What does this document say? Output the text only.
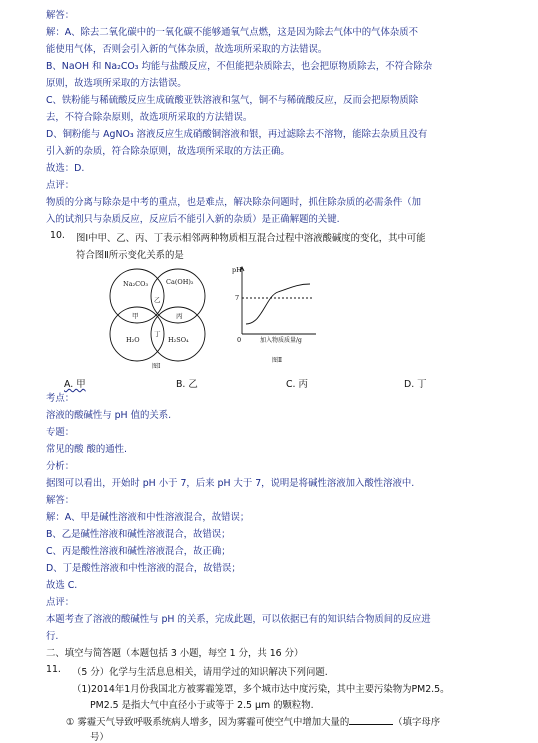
解答：
解：A、除去二氧化碳中的一氧化碳不能够通氧气点燃，这是因为除去气体中的气体杂质不
能使用气体，否则会引入新的气体杂质，故选项所采取的方法错误。
B、NaOH 和 Na₂CO₃ 均能与盐酸反应，不但能把杂质除去，也会把原物质除去，不符合除杂
原则，故选项所采取的方法错误。
C、铁粉能与稀硫酸反应生成硫酸亚铁溶液和氢气，铜不与稀硫酸反应，反而会把原物质除
去，不符合除杂原则，故选项所采取的方法错误。
D、铜粉能与 AgNO₃ 溶液反应生成硝酸铜溶液和银，再过滤除去不溶物，能除去杂质且没有
引入新的杂质，符合除杂原则，故选项所采取的方法正确。
故选：D.
点评：
物质的分离与除杂是中考的重点，也是难点，解决除杂问题时，抓住除杂质的必需条件（加
入的试剂只与杂质反应，反应后不能引入新的杂质）是正确解题的关键.
10. 图Ⅰ中甲、乙、丙、丁表示相邻两种物质相互混合过程中溶液酸碱度的变化，其中可能
符合图Ⅱ所示变化关系的是
Na₂CO₃	Ca(OH)₂
H₂O	H₂SO₄
甲
乙
丙
丁
图Ⅰ
pH
7
0	加入物质质量/g
图Ⅱ
A. 甲	B. 乙	C. 丙	D. 丁
考点：
溶液的酸碱性与 pH 值的关系.
专题：
常见的酸 酸的通性.
分析：
据图可以看出，开始时 pH 小于 7，后来 pH 大于 7，说明是将碱性溶液加入酸性溶液中.
解答：
解：A、甲是碱性溶液和中性溶液混合，故错误；
B、乙是碱性溶液和碱性溶液混合，故错误；
C、丙是酸性溶液和碱性溶液混合，故正确；
D、丁是酸性溶液和中性溶液的混合，故错误；
故选 C.
点评：
本题考查了溶液的酸碱性与 pH 的关系，完成此题，可以依据已有的知识结合物质间的反应进
行.
二、填空与简答题（本题包括 3 小题，每空 1 分，共 16 分）
11. （5 分）化学与生活息息相关，请用学过的知识解决下列问题.
（1)2014年1月份我国北方被雾霾笼罩，多个城市达中度污染，其中主要污染物为PM2.5。
PM2.5 是指大气中直径小于或等于 2.5 μm 的颗粒物.
① 雾霾天气导致呼吸系统病人增多，因为雾霾可使空气中增加大量的	（填字母序
号）
